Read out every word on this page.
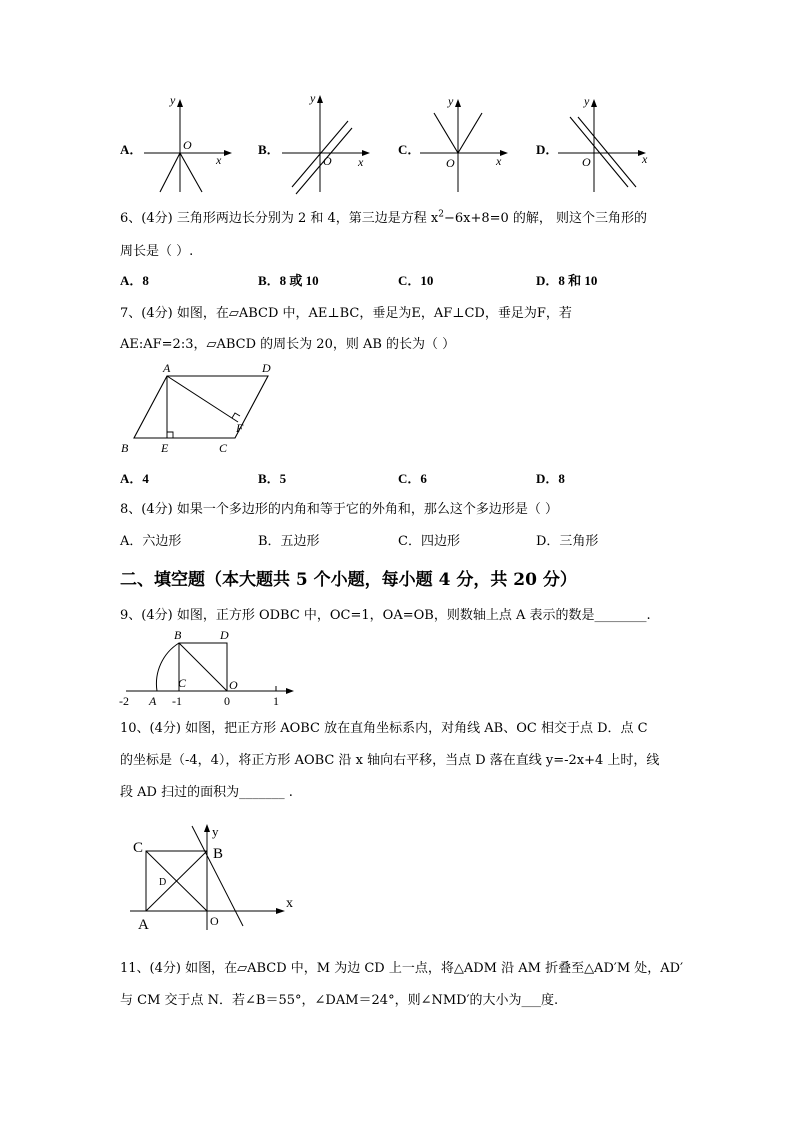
A．
y
O
x
B．
y
O x
C．
y
O	x
D．
y
O	x
6、(4分) 三角形两边长分别为 2 和 4，第三边是方程 $x^2-6x+8=0$ 的解， 则这个三角形的
周长是（ ）.
A．8	B．8 或 10	C．10	D．8 和 10
7、(4分) 如图，在▱ABCD 中，AE⊥BC，垂足为E，AF⊥CD，垂足为F，若
AE:AF=2:3，▱ABCD 的周长为 20，则 AB 的长为（ ）
A	D
B	E	C
F
A．4	B．5	C．6	D．8
8、(4分) 如果一个多边形的内角和等于它的外角和，那么这个多边形是（ ）
A．六边形	B．五边形	C．四边形	D．三角形
二、填空题（本大题共 5 个小题，每小题 4 分，共 20 分）
9、(4分) 如图，正方形 ODBC 中，OC=1，OA=OB，则数轴上点 A 表示的数是________.
B	D
C	O
-2 A -1	0	1
10、(4分) 如图，把正方形 AOBC 放在直角坐标系内，对角线 AB、OC 相交于点 D．点 C
的坐标是（-4，4），将正方形 AOBC 沿 x 轴向右平移，当点 D 落在直线 y=-2x+4 上时，线
段 AD 扫过的面积为_______ .
C	B
D
A	O
x
y
11、(4分) 如图，在▱ABCD 中，M 为边 CD 上一点，将△ADM 沿 AM 折叠至△AD′M 处，AD′
与 CM 交于点 N．若∠B＝55°，∠DAM＝24°，则∠NMD′的大小为___度.
